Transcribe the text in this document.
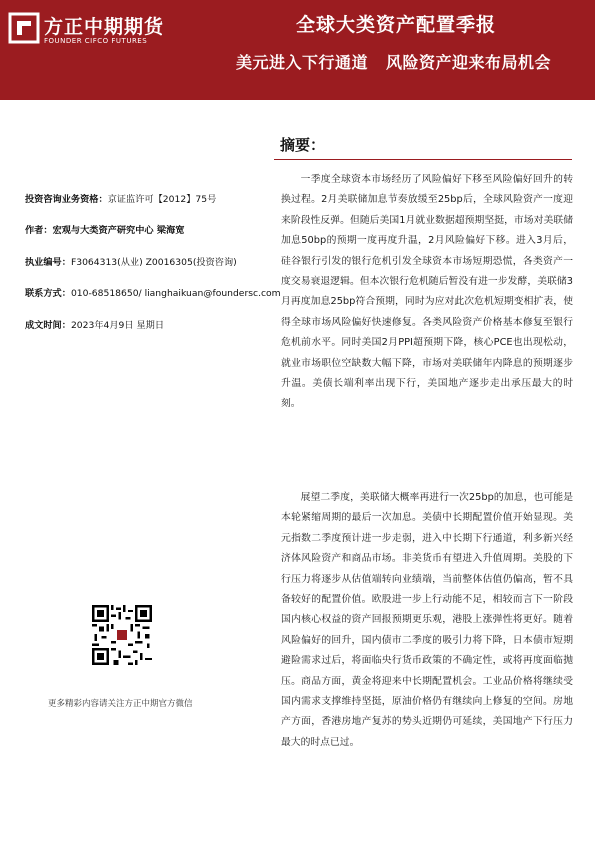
方正中期期货
FOUNDER CIFCO FUTURES
全球大类资产配置季报
美元进入下行通道 风险资产迎来布局机会
投资咨询业务资格：京证监许可【2012】75号
作者：宏观与大类资产研究中心 梁海宽
执业编号：F3064313(从业) Z0016305(投资咨询)
联系方式：010-68518650/ lianghaikuan@foundersc.com
成文时间：2023年4月9日 星期日
更多精彩内容请关注方正中期官方微信
摘要：

一季度全球资本市场经历了风险偏好下移至风险偏好回升的转换过程。2月美联储加息节奏放缓至25bp后，全球风险资产一度迎来阶段性反弹。但随后美国1月就业数据超预期坚挺，市场对美联储加息50bp的预期一度再度升温，2月风险偏好下移。进入3月后，硅谷银行引发的银行危机引发全球资本市场短期恐慌，各类资产一度交易衰退逻辑。但本次银行危机随后暂没有进一步发酵，美联储3月再度加息25bp符合预期，同时为应对此次危机短期变相扩表，使得全球市场风险偏好快速修复。各类风险资产价格基本修复至银行危机前水平。同时美国2月PPI超预期下降，核心PCE也出现松动，就业市场职位空缺数大幅下降，市场对美联储年内降息的预期逐步升温。美债长端利率出现下行，美国地产逐步走出承压最大的时刻。

展望二季度，美联储大概率再进行一次25bp的加息，也可能是本轮紧缩周期的最后一次加息。美债中长期配置价值开始显现。美元指数二季度预计进一步走弱，进入中长期下行通道，利多新兴经济体风险资产和商品市场。非美货币有望进入升值周期。美股的下行压力将逐步从估值端转向业绩端，当前整体估值仍偏高，暂不具备较好的配置价值。欧股进一步上行动能不足，相较而言下一阶段国内核心权益的资产回报预期更乐观，港股上涨弹性将更好。随着风险偏好的回升，国内债市二季度的吸引力将下降，日本债市短期避险需求过后，将面临央行货币政策的不确定性，或将再度面临抛压。商品方面，黄金将迎来中长期配置机会。工业品价格将继续受国内需求支撑维持坚挺，原油价格仍有继续向上修复的空间。房地产方面，香港房地产复苏的势头近期仍可延续，美国地产下行压力最大的时点已过。
